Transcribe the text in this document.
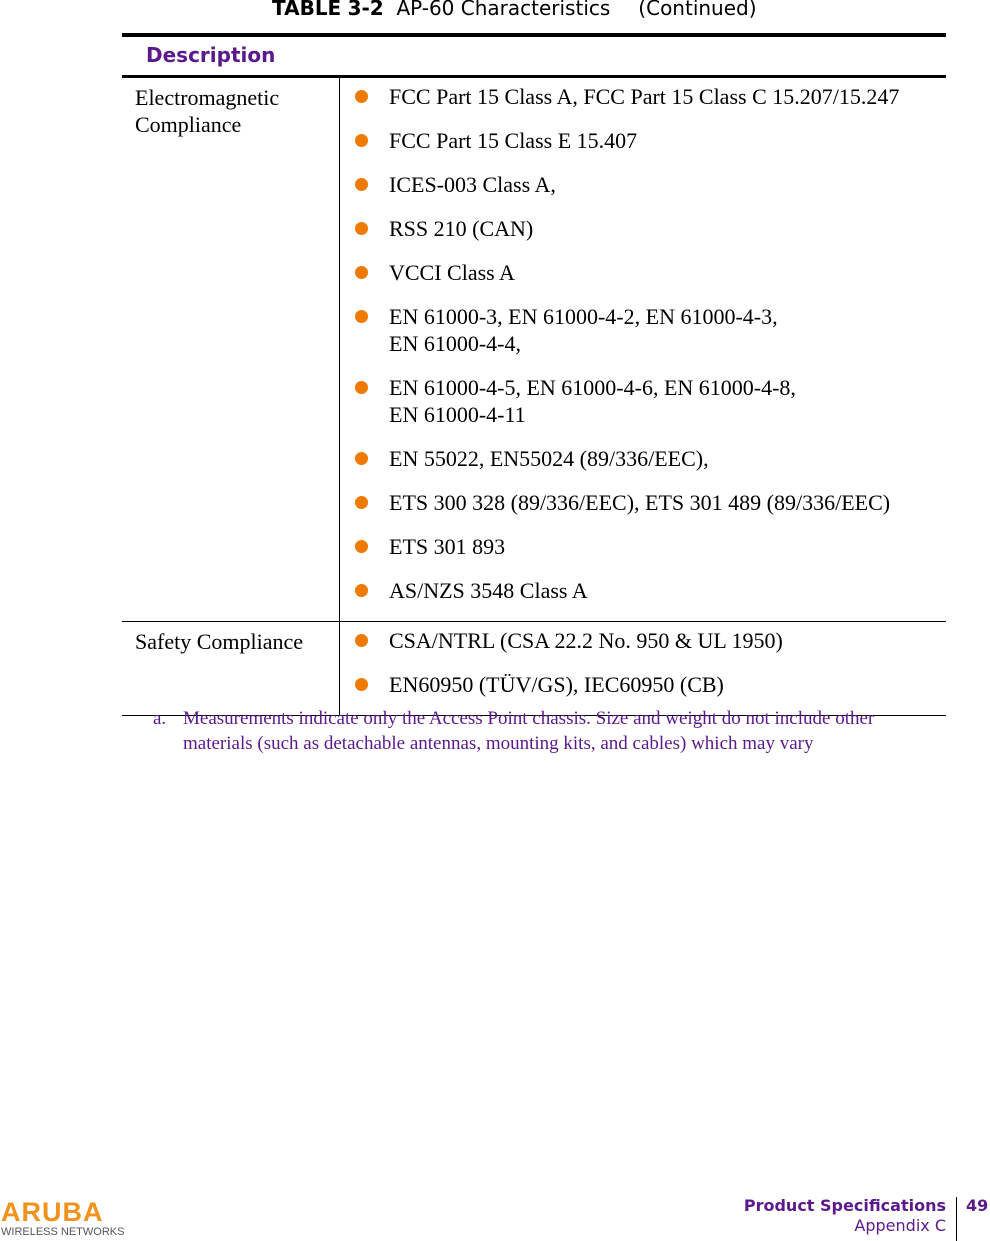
TABLE 3-2 AP-60 Characteristics (Continued)
Description
Electromagnetic Compliance
FCC Part 15 Class A, FCC Part 15 Class C 15.207/15.247
FCC Part 15 Class E 15.407
ICES-003 Class A,
RSS 210 (CAN)
VCCI Class A
EN 61000-3, EN 61000-4-2, EN 61000-4-3,
EN 61000-4-4,
EN 61000-4-5, EN 61000-4-6, EN 61000-4-8,
EN 61000-4-11
EN 55022, EN55024 (89/336/EEC),
ETS 300 328 (89/336/EEC), ETS 301 489 (89/336/EEC)
ETS 301 893
AS/NZS 3548 Class A
Safety Compliance	CSA/NTRL (CSA 22.2 No. 950 & UL 1950)
EN60950 (TÜV/GS), IEC60950 (CB)
a. Measurements indicate only the Access Point chassis. Size and weight do not include other materials (such as detachable antennas, mounting kits, and cables) which may vary
ARUBA
WIRELESS NETWORKS
Product Specifications
Appendix C
49
